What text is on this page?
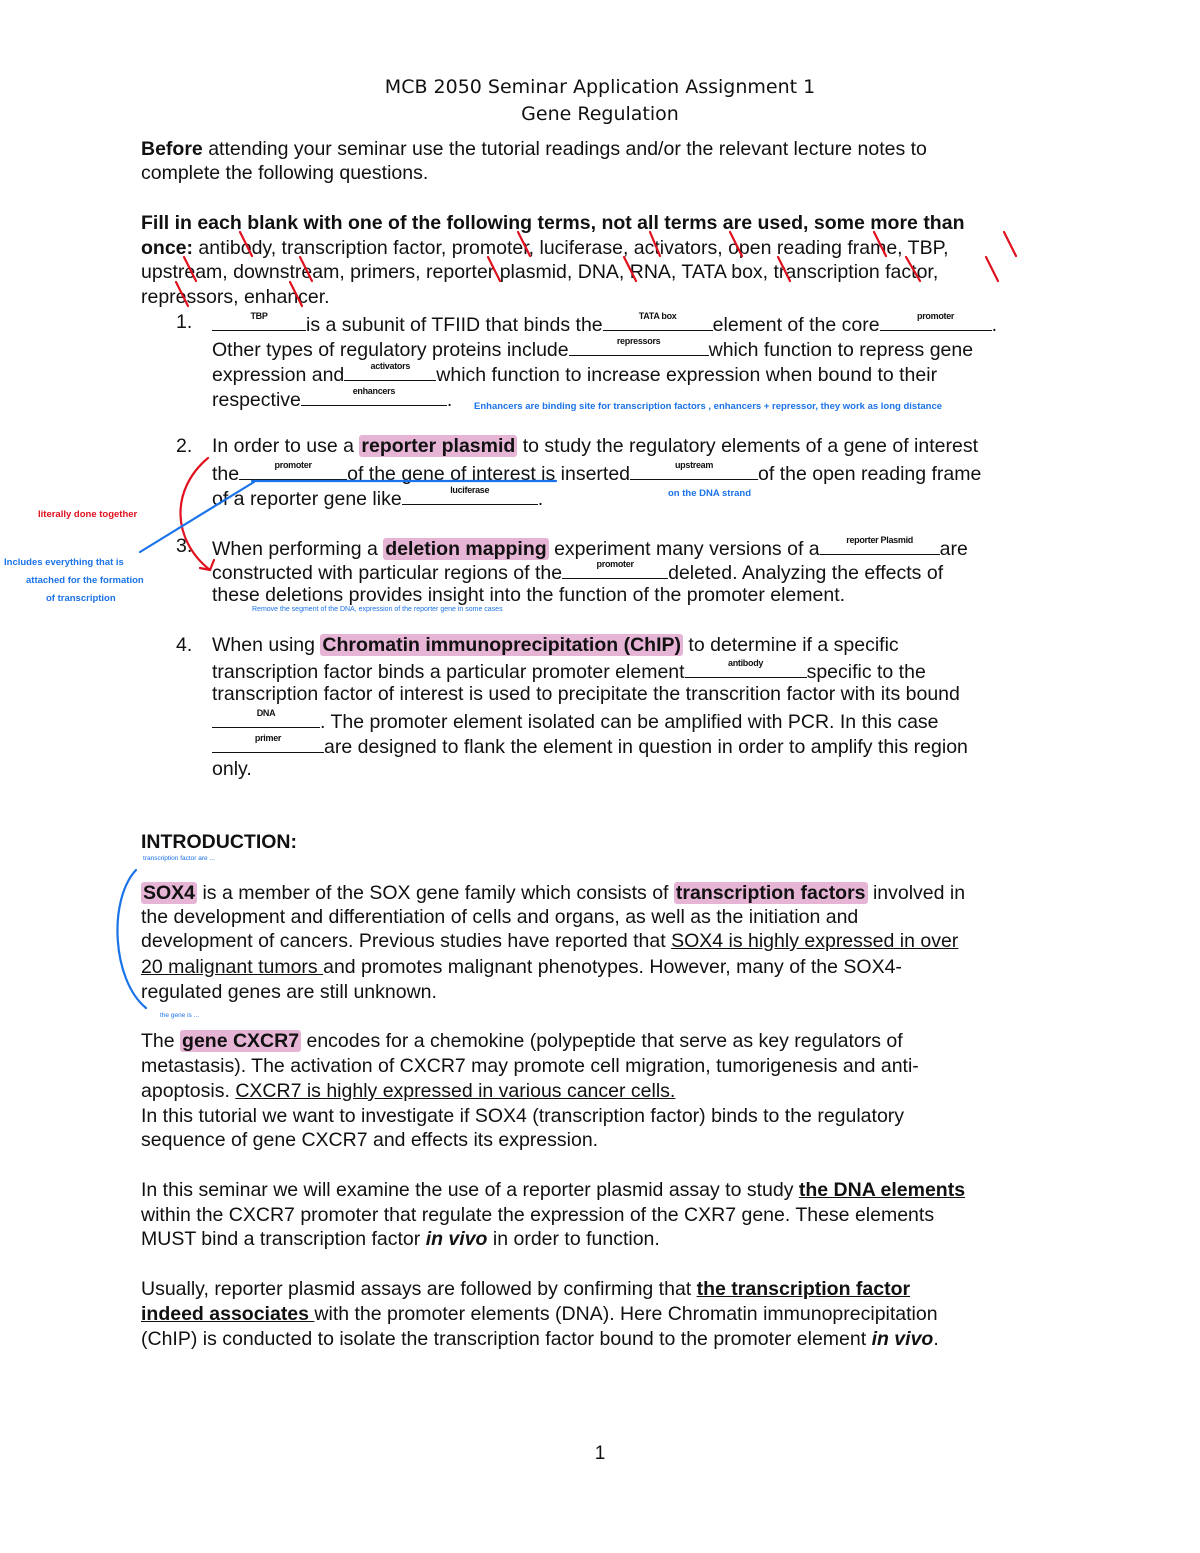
MCB 2050 Seminar Application Assignment 1
Gene Regulation
Before attending your seminar use the tutorial readings and/or the relevant lecture notes to
complete the following questions.
Fill in each blank with one of the following terms, not all terms are used, some more than
once: antibody, transcription factor, promoter, luciferase, activators, open reading frame, TBP,
upstream, downstream, primers, reporter plasmid, DNA, RNA, TATA box, transcription factor,
repressors, enhancer.
1.	TBP	is a subunit of TFIID that binds the	TATA box	element of the core	promoter	.
Other types of regulatory proteins include	repressors	which function to repress gene
expression and	activators	which function to increase expression when bound to their
respective	enhancers	. Enhancers are binding site for transcription factors , enhancers + repressor, they work as long distance
2. In order to use a reporter plasmid to study the regulatory elements of a gene of interest
the	promoter	of the gene of interest is inserted	upstream	of the open reading frame
of a reporter gene like	luciferase	.	on the DNA strand
literally done together
Includes everything that is
attached for the formation
of transcription
3. When performing a deletion mapping experiment many versions of a	reporter Plasmid	are
constructed with particular regions of the	promoter	deleted. Analyzing the effects of
these deletions provides insight into the function of the promoter element.
Remove the segment of the DNA, expression of the reporter gene in some cases
4. When using Chromatin immunoprecipitation (ChIP) to determine if a specific
transcription factor binds a particular promoter element	antibody	specific to the
transcription factor of interest is used to precipitate the transcrition factor with its bound
DNA	. The promoter element isolated can be amplified with PCR. In this case
primer	are designed to flank the element in question in order to amplify this region
only.
INTRODUCTION:
transcription factor are ...
the gene is ...
SOX4 is a member of the SOX gene family which consists of transcription factors involved in
the development and differentiation of cells and organs, as well as the initiation and
development of cancers. Previous studies have reported that SOX4 is highly expressed in over
20 malignant tumors and promotes malignant phenotypes. However, many of the SOX4-
regulated genes are still unknown.
The gene CXCR7 encodes for a chemokine (polypeptide that serve as key regulators of
metastasis). The activation of CXCR7 may promote cell migration, tumorigenesis and anti-
apoptosis. CXCR7 is highly expressed in various cancer cells.
In this tutorial we want to investigate if SOX4 (transcription factor) binds to the regulatory
sequence of gene CXCR7 and effects its expression.
In this seminar we will examine the use of a reporter plasmid assay to study the DNA elements
within the CXCR7 promoter that regulate the expression of the CXR7 gene. These elements
MUST bind a transcription factor in vivo in order to function.
Usually, reporter plasmid assays are followed by confirming that the transcription factor
indeed associates with the promoter elements (DNA). Here Chromatin immunoprecipitation
(ChIP) is conducted to isolate the transcription factor bound to the promoter element in vivo.
1
